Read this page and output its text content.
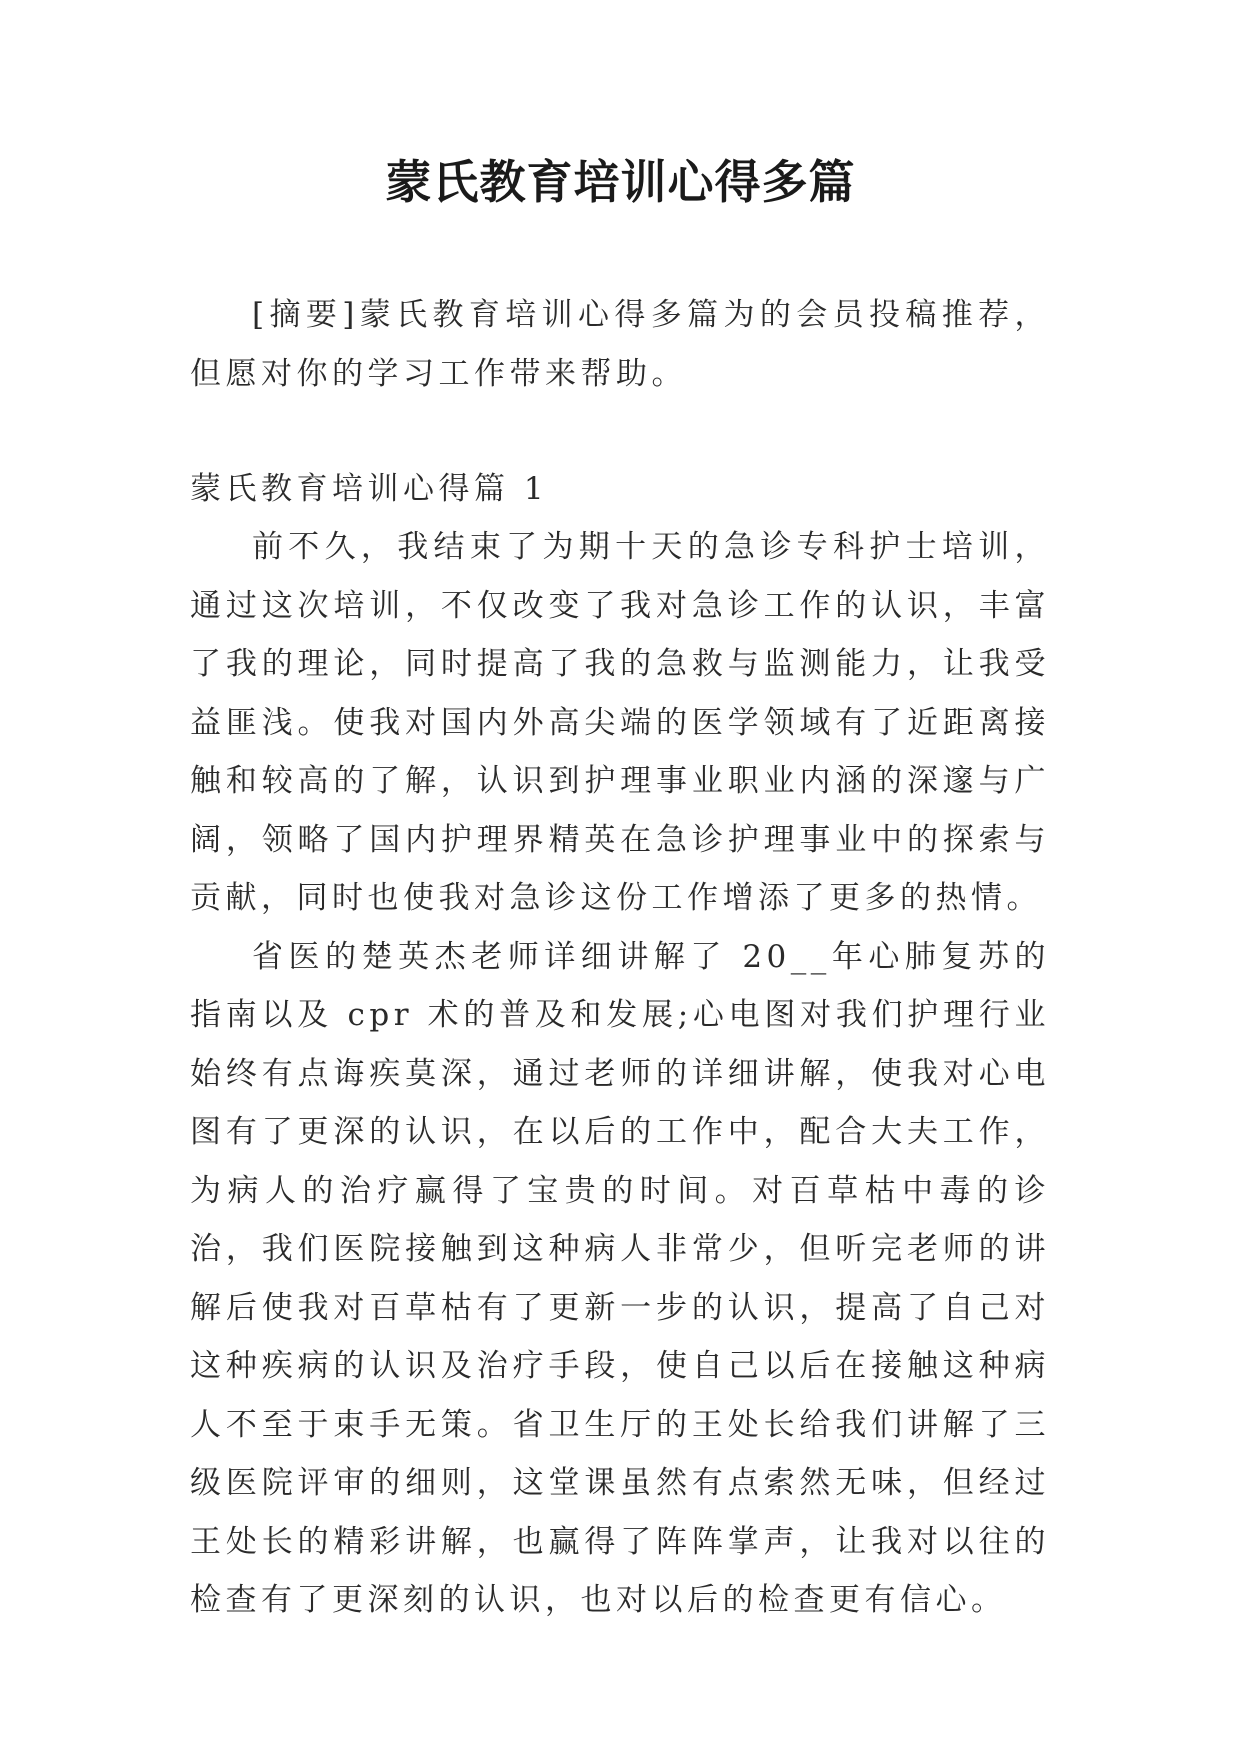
蒙氏教育培训心得多篇

[摘要]蒙氏教育培训心得多篇为的会员投稿推荐，但愿对你的学习工作带来帮助。

蒙氏教育培训心得篇 1

前不久，我结束了为期十天的急诊专科护士培训，通过这次培训，不仅改变了我对急诊工作的认识，丰富了我的理论，同时提高了我的急救与监测能力，让我受益匪浅。使我对国内外高尖端的医学领域有了近距离接触和较高的了解，认识到护理事业职业内涵的深邃与广阔，领略了国内护理界精英在急诊护理事业中的探索与贡献，同时也使我对急诊这份工作增添了更多的热情。

省医的楚英杰老师详细讲解了 20__年心肺复苏的指南以及 cpr 术的普及和发展;心电图对我们护理行业始终有点诲疾莫深，通过老师的详细讲解，使我对心电图有了更深的认识，在以后的工作中，配合大夫工作，为病人的治疗赢得了宝贵的时间。对百草枯中毒的诊治，我们医院接触到这种病人非常少，但听完老师的讲解后使我对百草枯有了更新一步的认识，提高了自己对这种疾病的认识及治疗手段，使自己以后在接触这种病人不至于束手无策。省卫生厅的王处长给我们讲解了三级医院评审的细则，这堂课虽然有点索然无味，但经过王处长的精彩讲解，也赢得了阵阵掌声，让我对以往的检查有了更深刻的认识，也对以后的检查更有信心。
